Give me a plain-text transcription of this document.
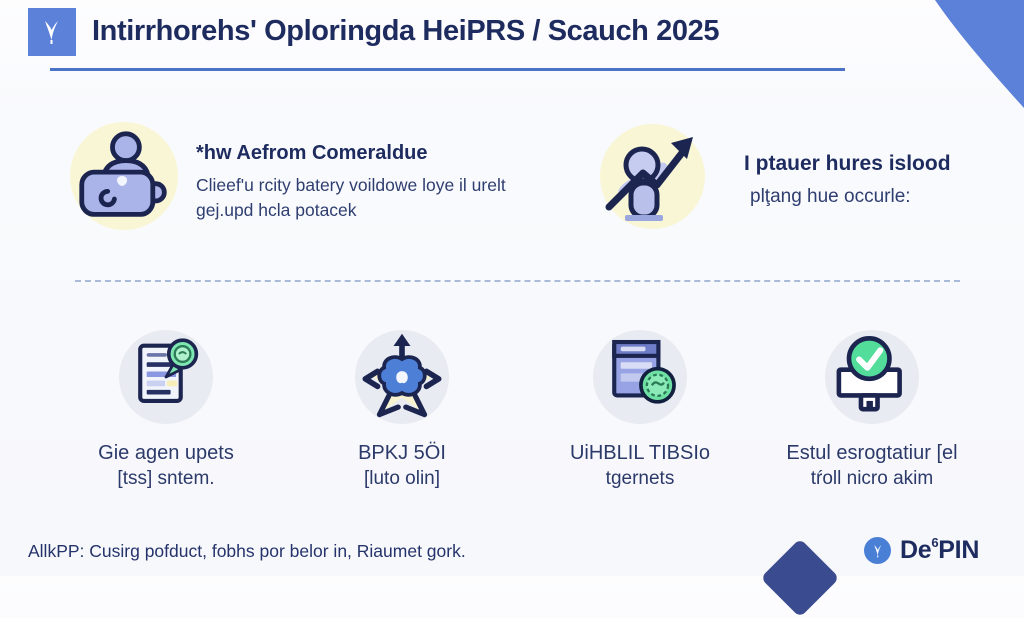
Intirrhorehs' Oploringda HeiPRS / Scauch 2025
*hw Aefrom Comeraldue

Clieef'u rcity batery voildowe loye il urelt

gej.upd hcla potacek

I ptauer hures islood

plţang hue occurle:

Gie agen upets
[tss] sntem.
BPKJ 5ÖI
[luto olin]
UiHBLIL TIBSIo
tgernets
Estul esrogtatiur [el
tŕoll nicro akim
AllkPP: Cusirg pofduct, fobhs por belor in, Riaumet gork.	De$^6$PIN
